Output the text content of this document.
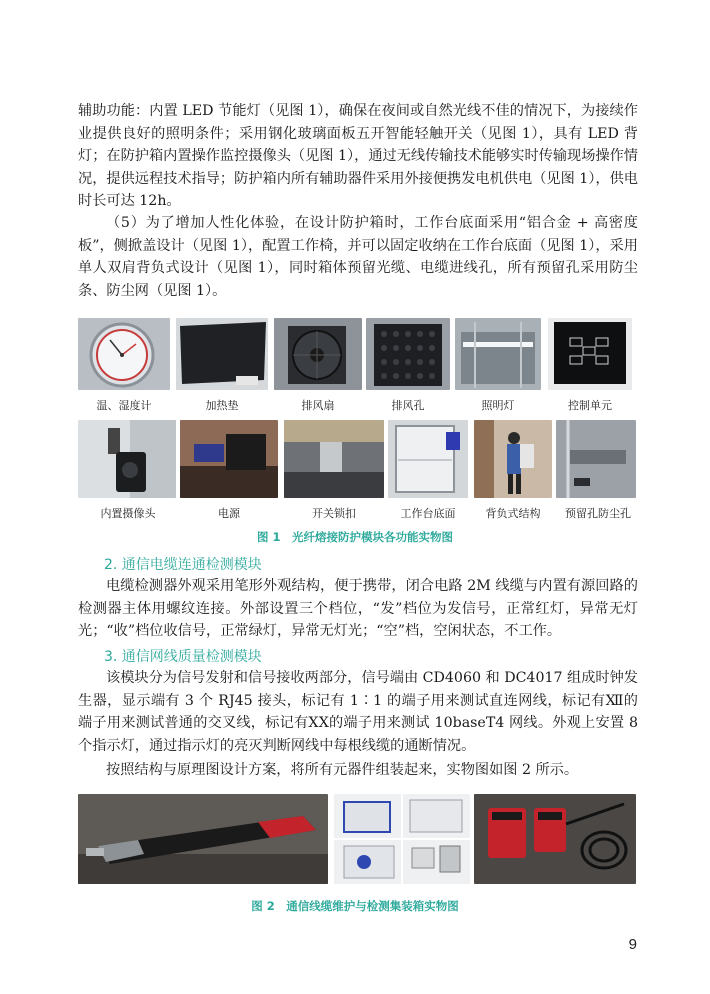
辅助功能：内置 LED 节能灯（见图 1），确保在夜间或自然光线不佳的情况下，为接续作业提供良好的照明条件；采用钢化玻璃面板五开智能轻触开关（见图 1），具有 LED 背灯；在防护箱内置操作监控摄像头（见图 1），通过无线传输技术能够实时传输现场操作情况，提供远程技术指导；防护箱内所有辅助器件采用外接便携发电机供电（见图 1），供电时长可达 12h。

（5）为了增加人性化体验，在设计防护箱时，工作台底面采用“铝合金 + 高密度板”，侧掀盖设计（见图 1），配置工作椅，并可以固定收纳在工作台底面（见图 1），采用单人双肩背负式设计（见图 1），同时箱体预留光缆、电缆进线孔，所有预留孔采用防尘条、防尘网（见图 1）。

温、湿度计	加热垫	排风扇	排风孔	照明灯	控制单元
内置摄像头	电源	开关锁扣	工作台底面	背负式结构	预留孔防尘孔
图 1　光纤熔接防护模块各功能实物图

2. 通信电缆连通检测模块

电缆检测器外观采用笔形外观结构，便于携带，闭合电路 2M 线缆与内置有源回路的检测器主体用螺纹连接。外部设置三个档位，“发”档位为发信号，正常红灯，异常无灯光；“收”档位收信号，正常绿灯，异常无灯光；“空”档，空闲状态，不工作。

3. 通信网线质量检测模块

该模块分为信号发射和信号接收两部分，信号端由 CD4060 和 DC4017 组成时钟发生器，显示端有 3 个 RJ45 接头，标记有 1∶1 的端子用来测试直连网线，标记有Ⅻ的端子用来测试普通的交叉线，标记有ⅩⅩ的端子用来测试 10baseT4 网线。外观上安置 8 个指示灯，通过指示灯的亮灭判断网线中每根线缆的通断情况。

按照结构与原理图设计方案，将所有元器件组装起来，实物图如图 2 所示。

图 2　通信线缆维护与检测集装箱实物图
9
